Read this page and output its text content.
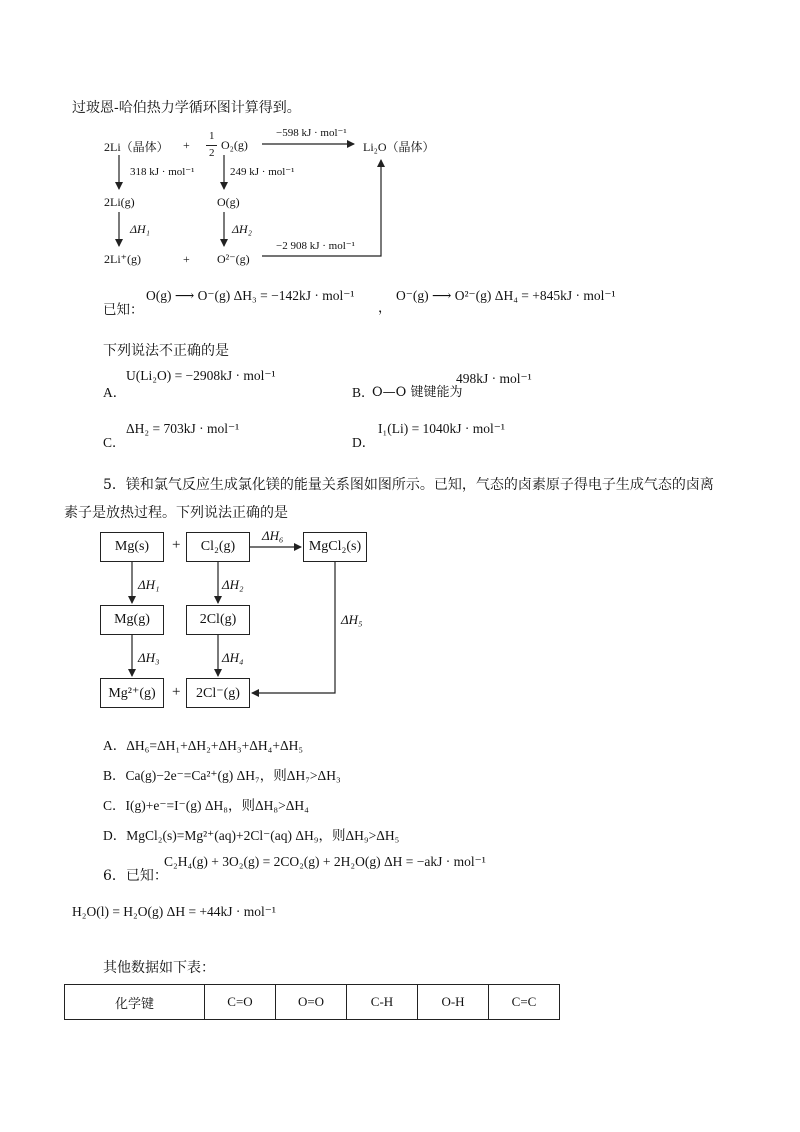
过玻恩-哈伯热力学循环图计算得到。
2Li（晶体） +
1
2
O₂(g)
−598 kJ · mol⁻¹
Li₂O（晶体）
318 kJ · mol⁻¹	249 kJ · mol⁻¹
2Li(g)	O(g)
ΔH₁	ΔH₂
−2 908 kJ · mol⁻¹
2Li⁺(g)	+ O²⁻(g)
已知：
O(g) ⟶ O⁻(g) ΔH₃ = −142kJ · mol⁻¹
，
O⁻(g) ⟶ O²⁻(g) ΔH₄ = +845kJ · mol⁻¹
下列说法不正确的是
A．
U(Li₂O) = −2908kJ · mol⁻¹
B．
O—O 键键能为
498kJ · mol⁻¹
C．
ΔH₂ = 703kJ · mol⁻¹
D．
I₁(Li) = 1040kJ · mol⁻¹
5．镁和氯气反应生成氯化镁的能量关系图如图所示。已知，气态的卤素原子得电子生成气态的卤离
素子是放热过程。下列说法正确的是
Mg(s) + Cl₂(g)
ΔH₆
MgCl₂(s)
ΔH₁	ΔH₂
ΔH₅
Mg(g)	2Cl(g)
ΔH₃	ΔH₄
Mg²⁺(g) + 2Cl⁻(g)
A．ΔH₆=ΔH₁+ΔH₂+ΔH₃+ΔH₄+ΔH₅
B．Ca(g)−2e⁻=Ca²⁺(g) ΔH₇，则ΔH₇>ΔH₃
C．I(g)+e⁻=I⁻(g) ΔH₈，则ΔH₈>ΔH₄
D．MgCl₂(s)=Mg²⁺(aq)+2Cl⁻(aq) ΔH₉，则ΔH₉>ΔH₅
6．已知：
C₂H₄(g) + 3O₂(g) = 2CO₂(g) + 2H₂O(g) ΔH = −akJ · mol⁻¹
H₂O(l) = H₂O(g) ΔH = +44kJ · mol⁻¹
其他数据如下表：
化学键	C=O	O=O	C-H	O-H	C=C
